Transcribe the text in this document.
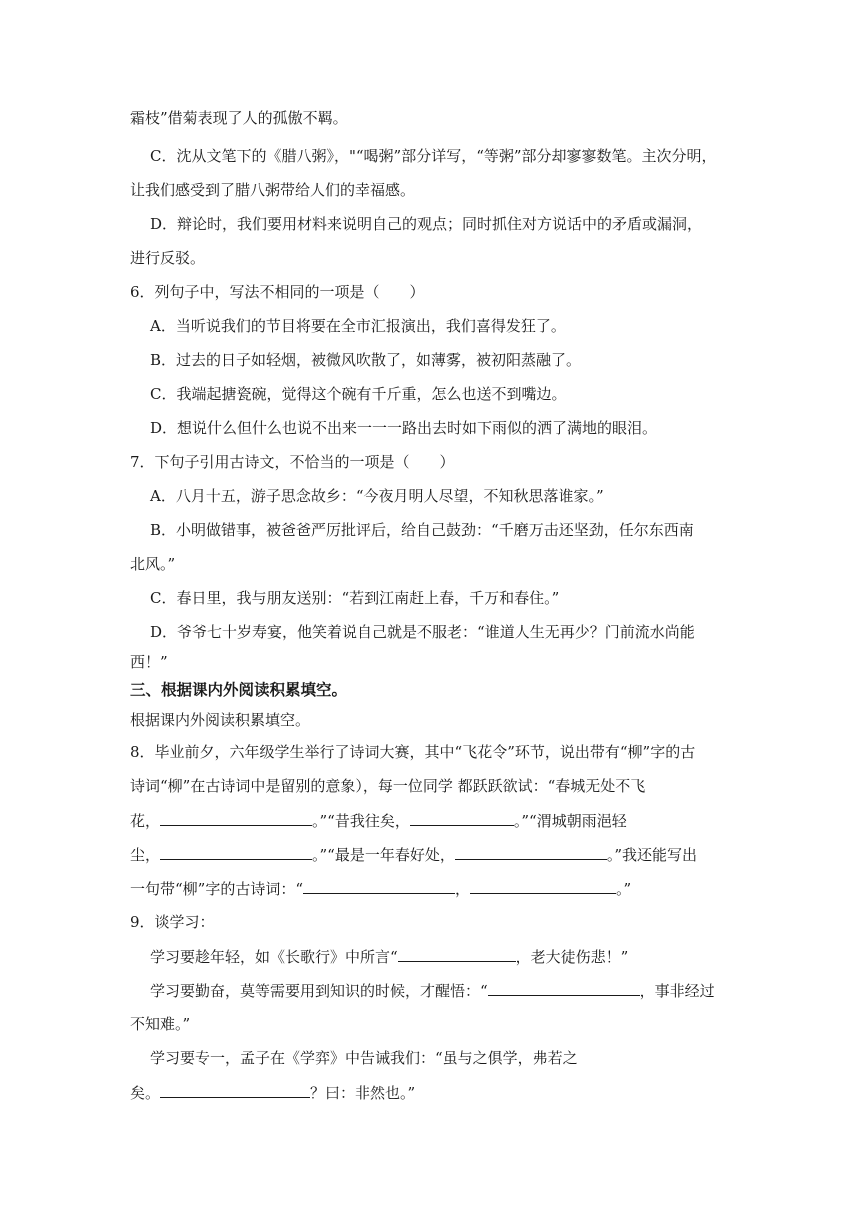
霜枝”借菊表现了人的孤傲不羁。
C．沈从文笔下的《腊八粥》，"“喝粥”部分详写，“等粥”部分却寥寥数笔。主次分明，
让我们感受到了腊八粥带给人们的幸福感。
D．辩论时，我们要用材料来说明自己的观点；同时抓住对方说话中的矛盾或漏洞，
进行反驳。
6．列句子中，写法不相同的一项是（　　）
A．当听说我们的节目将要在全市汇报演出，我们喜得发狂了。
B．过去的日子如轻烟，被微风吹散了，如薄雾，被初阳蒸融了。
C．我端起搪瓷碗，觉得这个碗有千斤重，怎么也送不到嘴边。
D．想说什么但什么也说不出来一一一路出去时如下雨似的洒了满地的眼泪。
7．下句子引用古诗文，不恰当的一项是（　　）
A．八月十五，游子思念故乡：“今夜月明人尽望，不知秋思落谁家。”
B．小明做错事，被爸爸严厉批评后，给自己鼓劲：“千磨万击还坚劲，任尔东西南
北风。”
C．春日里，我与朋友送别：“若到江南赶上春，千万和春住。”
D．爷爷七十岁寿宴，他笑着说自己就是不服老：“谁道人生无再少？门前流水尚能
西！”
三、根据课内外阅读积累填空。
根据课内外阅读积累填空。
8．毕业前夕，六年级学生举行了诗词大赛，其中“飞花令”环节，说出带有“柳”字的古
诗词“柳”在古诗词中是留别的意象），每一位同学 都跃跃欲试：“春城无处不飞
花，	。”“昔我往矣，	。”“渭城朝雨浥轻
尘，	。”“最是一年春好处，	。”我还能写出
一句带“柳”字的古诗词：“	，	。”
9．谈学习：
学习要趁年轻，如《长歌行》中所言“	，老大徒伤悲！”
学习要勤奋，莫等需要用到知识的时候，才醒悟：“	，事非经过
不知难。”
学习要专一，孟子在《学弈》中告诫我们：“虽与之俱学，弗若之
矣。	？曰：非然也。”
